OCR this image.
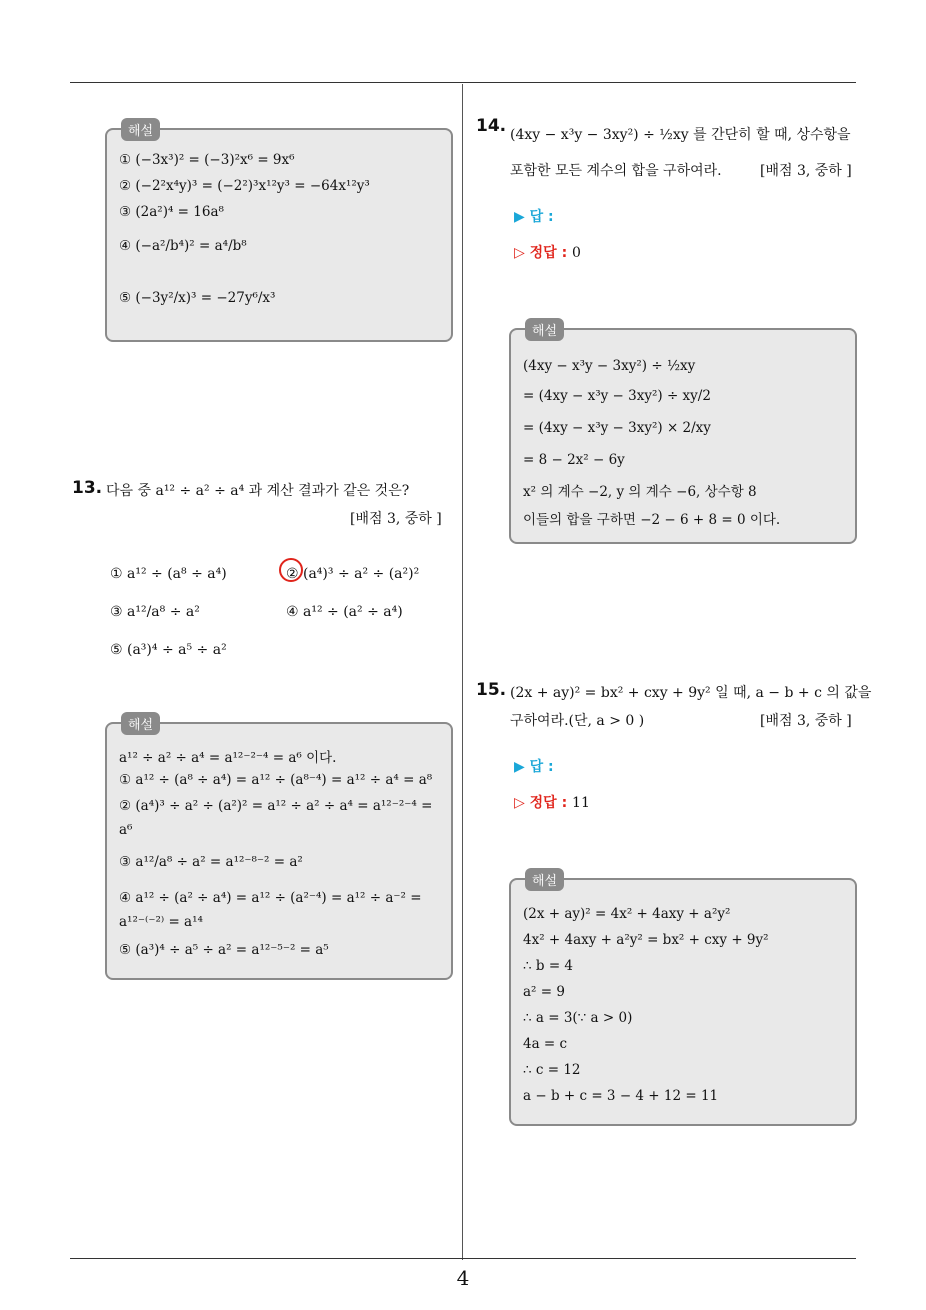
해설
① (−3x³)² = (−3)²x⁶ = 9x⁶
② (−2²x⁴y)³ = (−2²)³x¹²y³ = −64x¹²y³
③ (2a²)⁴ = 16a⁸
④ (−a²/b⁴)² = a⁴/b⁸
⑤ (−3y²/x)³ = −27y⁶/x³
13. 다음 중 a¹² ÷ a² ÷ a⁴ 과 계산 결과가 같은 것은?
[배점 3, 중하 ]
① a¹² ÷ (a⁸ ÷ a⁴)	② (a⁴)³ ÷ a² ÷ (a²)²
③ a¹²/a⁸ ÷ a²	④ a¹² ÷ (a² ÷ a⁴)
⑤ (a³)⁴ ÷ a⁵ ÷ a²
해설
a¹² ÷ a² ÷ a⁴ = a¹²⁻²⁻⁴ = a⁶ 이다.
① a¹² ÷ (a⁸ ÷ a⁴) = a¹² ÷ (a⁸⁻⁴) = a¹² ÷ a⁴ = a⁸
② (a⁴)³ ÷ a² ÷ (a²)² = a¹² ÷ a² ÷ a⁴ = a¹²⁻²⁻⁴ =
a⁶
③ a¹²/a⁸ ÷ a² = a¹²⁻⁸⁻² = a²
④ a¹² ÷ (a² ÷ a⁴) = a¹² ÷ (a²⁻⁴) = a¹² ÷ a⁻² =
a¹²⁻⁽⁻²⁾ = a¹⁴
⑤ (a³)⁴ ÷ a⁵ ÷ a² = a¹²⁻⁵⁻² = a⁵
14. (4xy − x³y − 3xy²) ÷ ½xy 를 간단히 할 때, 상수항을
포함한 모든 계수의 합을 구하여라.	[배점 3, 중하 ]
▶ 답 :
▷ 정답 : 0
해설
(4xy − x³y − 3xy²) ÷ ½xy
= (4xy − x³y − 3xy²) ÷ xy/2
= (4xy − x³y − 3xy²) × 2/xy
= 8 − 2x² − 6y
x² 의 계수 −2, y 의 계수 −6, 상수항 8
이들의 합을 구하면 −2 − 6 + 8 = 0 이다.
15. (2x + ay)² = bx² + cxy + 9y² 일 때, a − b + c 의 값을
구하여라.(단, a > 0 )	[배점 3, 중하 ]
▶ 답 :
▷ 정답 : 11
해설
(2x + ay)² = 4x² + 4axy + a²y²
4x² + 4axy + a²y² = bx² + cxy + 9y²
∴ b = 4
a² = 9
∴ a = 3(∵ a > 0)
4a = c
∴ c = 12
a − b + c = 3 − 4 + 12 = 11
4
